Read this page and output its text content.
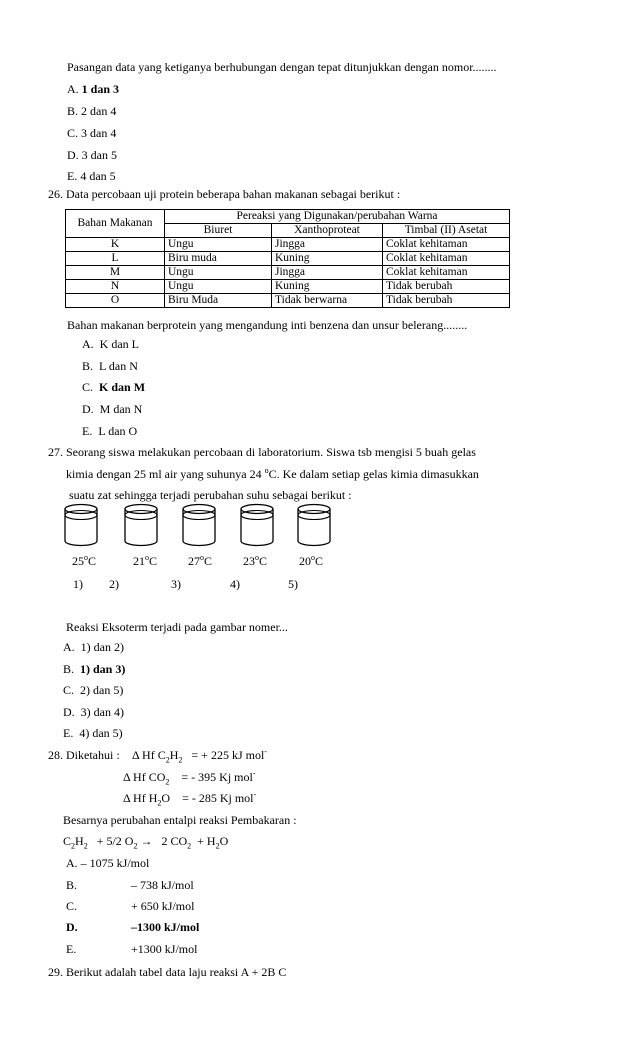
Pasangan data yang ketiganya berhubungan dengan tepat ditunjukkan dengan nomor........
A. 1 dan 3
B. 2 dan 4
C. 3 dan 4
D. 3 dan 5
E. 4 dan 5
26. Data percobaan uji protein beberapa bahan makanan sebagai berikut :
Bahan Makanan	Pereaksi yang Digunakan/perubahan Warna		
	Biuret	Xanthoproteat	Timbal (II) Asetat
K	Ungu	Jingga	Coklat kehitaman
L	Biru muda	Kuning	Coklat kehitaman
M	Ungu	Jingga	Coklat kehitaman
N	Ungu	Kuning	Tidak berubah
O	Biru Muda	Tidak berwarna	Tidak berubah
Bahan makanan berprotein yang mengandung inti benzena dan unsur belerang........
A. K dan L
B. L dan N
C. K dan M
D. M dan N
E. L dan O
27. Seorang siswa melakukan percobaan di laboratorium. Siswa tsb mengisi 5 buah gelas
kimia dengan 25 ml air yang suhunya 24 $^o$C. Ke dalam setiap gelas kimia dimasukkan
suatu zat sehingga terjadi perubahan suhu sebagai berikut :
25$^o$C	21$^o$C	27$^o$C	23$^o$C	20$^o$C
1) 2)	3)	4)	5)
Reaksi Eksoterm terjadi pada gambar nomer...
A. 1) dan 2)
B. 1) dan 3)
C. 2) dan 5)
D. 3) dan 4)
E. 4) dan 5)
28. Diketahui : Δ Hf $C_2H_2$ = + 225 kJ mol-
Δ Hf $CO_2$ = - 395 Kj mol-
Δ Hf $H_2O$ = - 285 Kj mol-
Besarnya perubahan entalpi reaksi Pembakaran :
$C_2H_2 + 5/2$ $O_2 \to 2$ $CO_2 + H_2O$
A. – 1075 kJ/mol
B.	– 738 kJ/mol
C.	+ 650 kJ/mol
D.	–1300 kJ/mol
E.	+1300 kJ/mol
29. Berikut adalah tabel data laju reaksi A + 2B C
